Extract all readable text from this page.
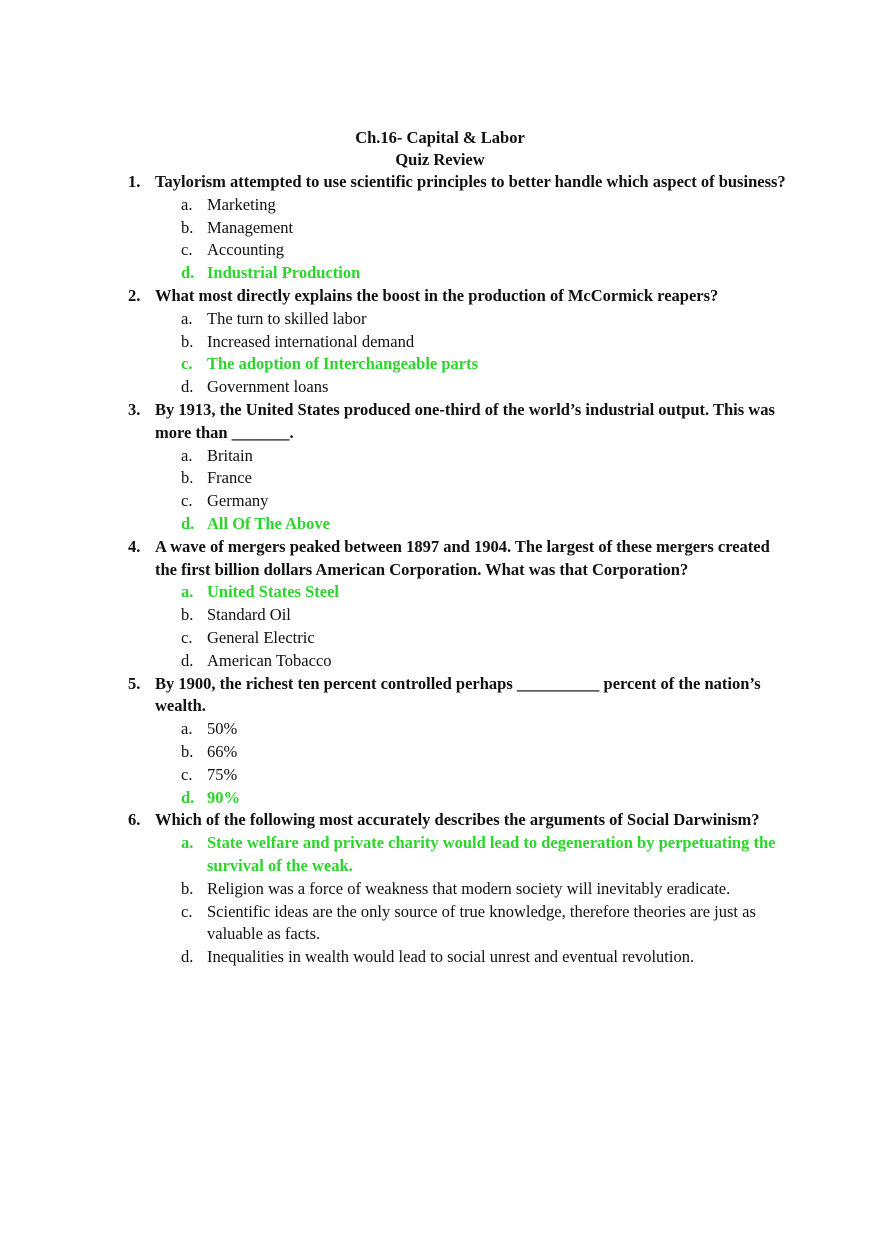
Ch.16- Capital & Labor
Quiz Review
1. Taylorism attempted to use scientific principles to better handle which aspect of business?
a. Marketing
b. Management
c. Accounting
d. Industrial Production
2. What most directly explains the boost in the production of McCormick reapers?
a. The turn to skilled labor
b. Increased international demand
c. The adoption of Interchangeable parts
d. Government loans
3. By 1913, the United States produced one-third of the world’s industrial output. This was more than _______.
a. Britain
b. France
c. Germany
d. All Of The Above
4. A wave of mergers peaked between 1897 and 1904. The largest of these mergers created the first billion dollars American Corporation. What was that Corporation?
a. United States Steel
b. Standard Oil
c. General Electric
d. American Tobacco
5. By 1900, the richest ten percent controlled perhaps __________ percent of the nation’s wealth.
a. 50%
b. 66%
c. 75%
d. 90%
6. Which of the following most accurately describes the arguments of Social Darwinism?
a. State welfare and private charity would lead to degeneration by perpetuating the survival of the weak.
b. Religion was a force of weakness that modern society will inevitably eradicate.
c. Scientific ideas are the only source of true knowledge, therefore theories are just as valuable as facts.
d. Inequalities in wealth would lead to social unrest and eventual revolution.
